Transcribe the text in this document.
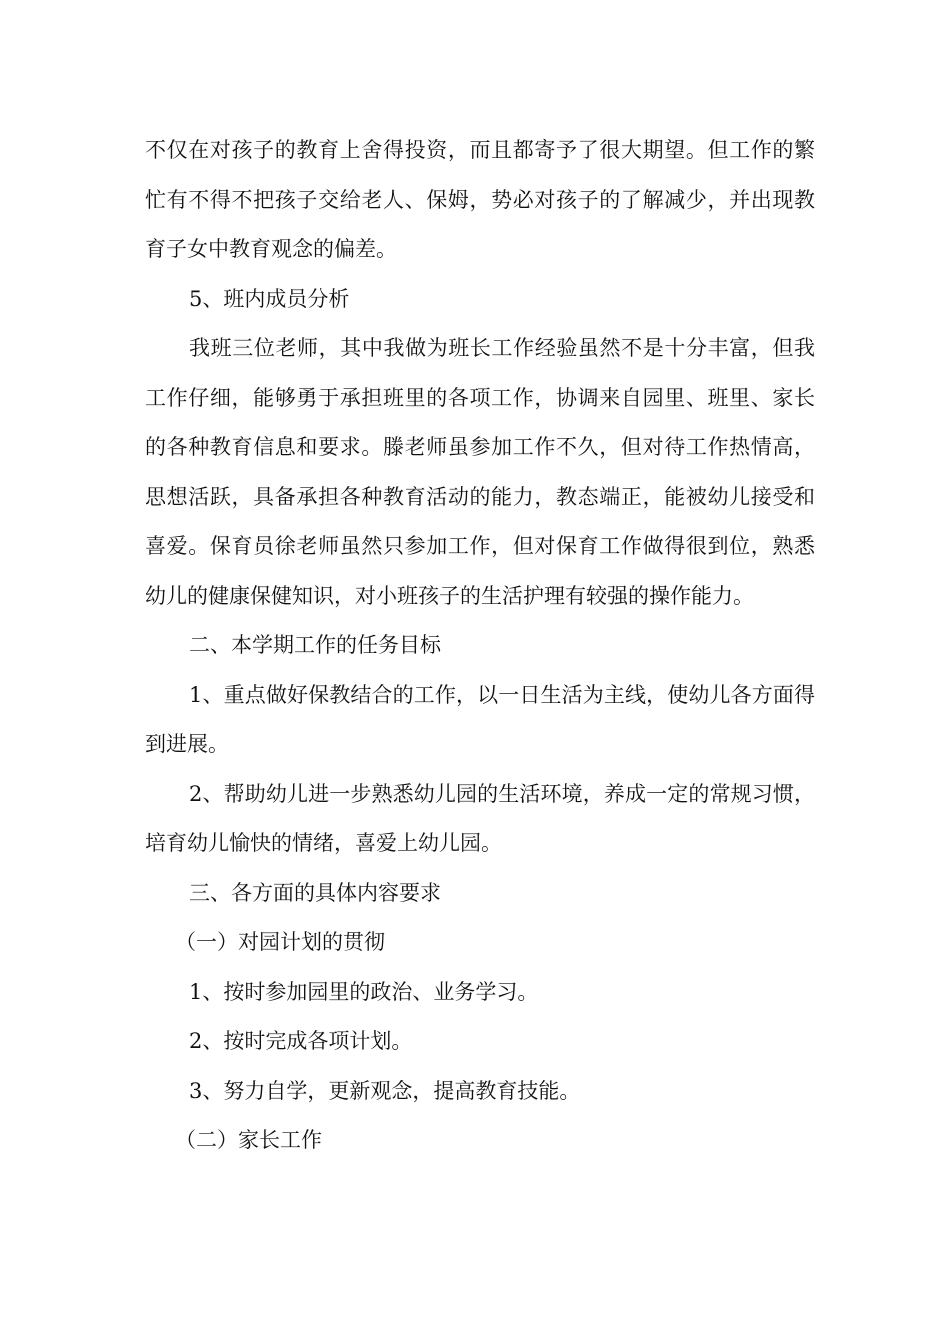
不仅在对孩子的教育上舍得投资，而且都寄予了很大期望。但工作的繁忙有不得不把孩子交给老人、保姆，势必对孩子的了解减少，并出现教育子女中教育观念的偏差。

5、班内成员分析

我班三位老师，其中我做为班长工作经验虽然不是十分丰富，但我工作仔细，能够勇于承担班里的各项工作，协调来自园里、班里、家长的各种教育信息和要求。滕老师虽参加工作不久，但对待工作热情高，思想活跃，具备承担各种教育活动的能力，教态端正，能被幼儿接受和喜爱。保育员徐老师虽然只参加工作，但对保育工作做得很到位，熟悉幼儿的健康保健知识，对小班孩子的生活护理有较强的操作能力。

二、本学期工作的任务目标

1、重点做好保教结合的工作，以一日生活为主线，使幼儿各方面得到进展。

2、帮助幼儿进一步熟悉幼儿园的生活环境，养成一定的常规习惯，培育幼儿愉快的情绪，喜爱上幼儿园。

三、各方面的具体内容要求

（一）对园计划的贯彻

1、按时参加园里的政治、业务学习。

2、按时完成各项计划。

3、努力自学，更新观念，提高教育技能。

（二）家长工作
